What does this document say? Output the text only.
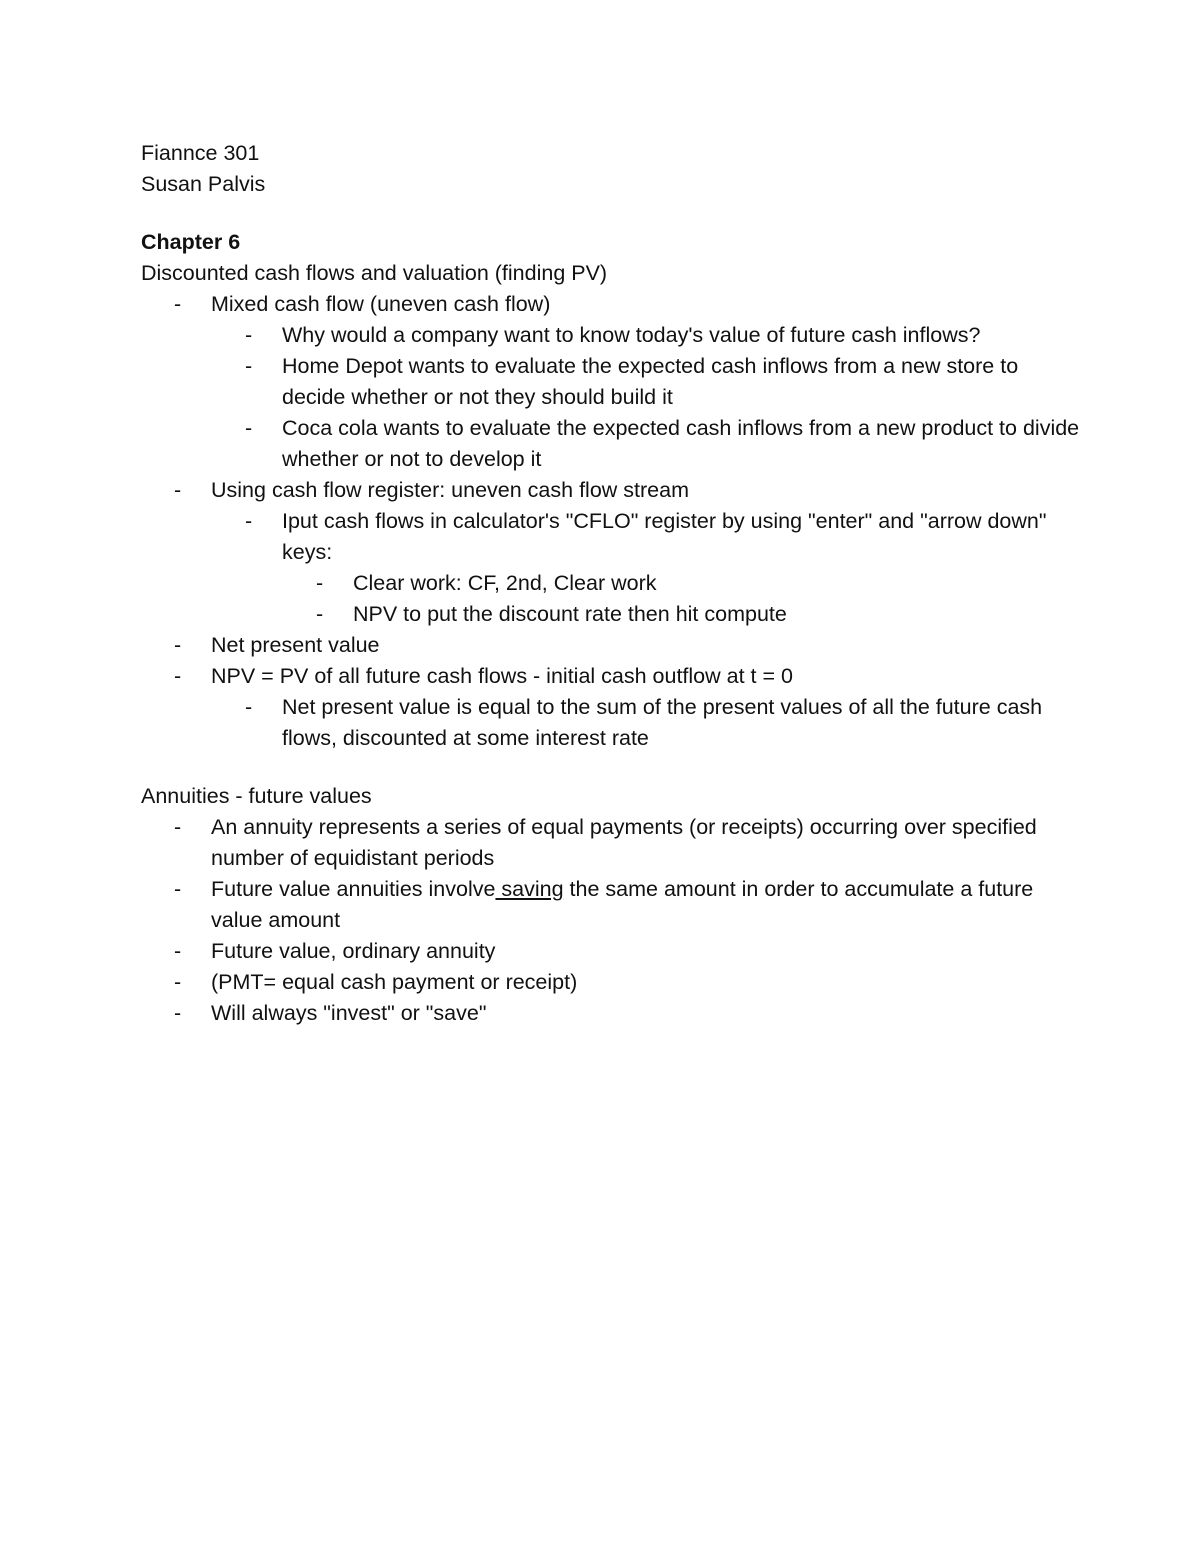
Fiannce 301

Susan Palvis

Chapter 6

Discounted cash flows and valuation (finding PV)

- Mixed cash flow (uneven cash flow)
- Why would a company want to know today's value of future cash inflows?
- Home Depot wants to evaluate the expected cash inflows from a new store to decide whether or not they should build it
- Coca cola wants to evaluate the expected cash inflows from a new product to divide whether or not to develop it
- Using cash flow register: uneven cash flow stream
- Iput cash flows in calculator's "CFLO" register by using "enter" and "arrow down" keys:
- Clear work: CF, 2nd, Clear work
- NPV to put the discount rate then hit compute
- Net present value
- NPV = PV of all future cash flows - initial cash outflow at t = 0
- Net present value is equal to the sum of the present values of all the future cash flows, discounted at some interest rate

Annuities - future values

- An annuity represents a series of equal payments (or receipts) occurring over specified number of equidistant periods
- Future value annuities involve saving the same amount in order to accumulate a future value amount
- Future value, ordinary annuity
- (PMT= equal cash payment or receipt)
- Will always "invest" or "save"
